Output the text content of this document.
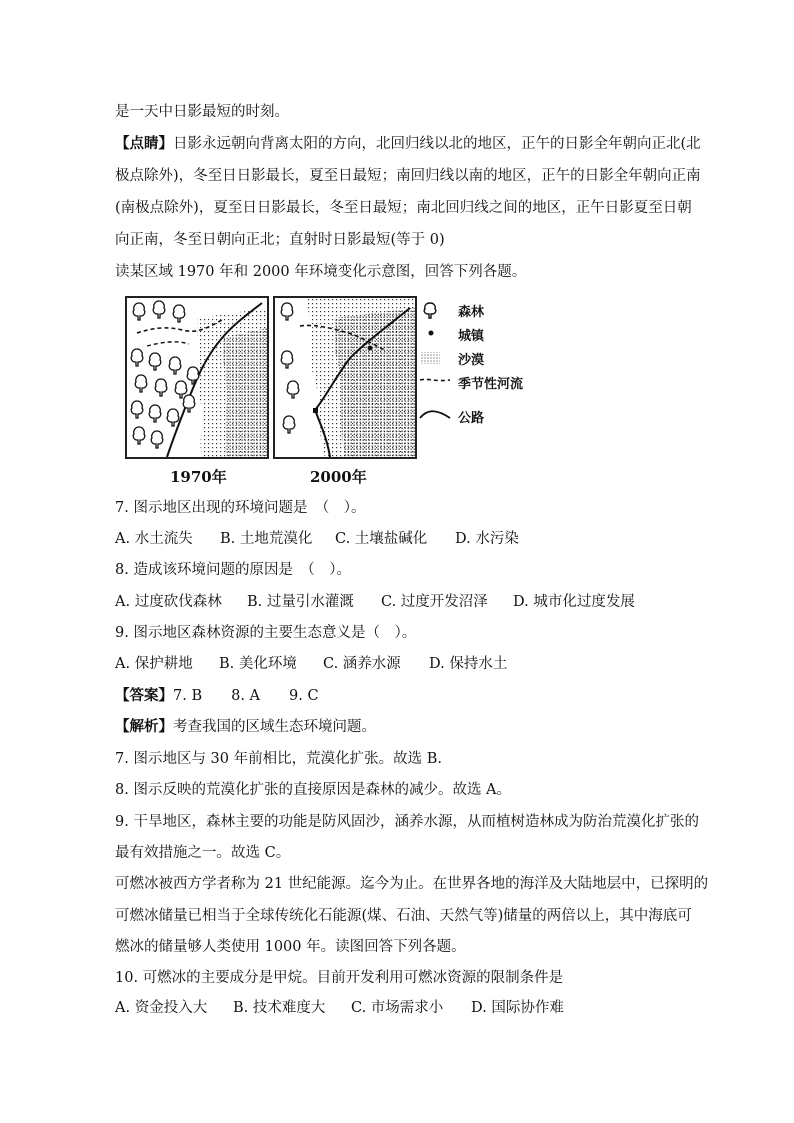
是一天中日影最短的时刻。
【点睛】日影永远朝向背离太阳的方向，北回归线以北的地区，正午的日影全年朝向正北(北
极点除外)，冬至日日影最长，夏至日最短；南回归线以南的地区，正午的日影全年朝向正南
(南极点除外)，夏至日日影最长，冬至日最短；南北回归线之间的地区，正午日影夏至日朝
向正南，冬至日朝向正北；直射时日影最短(等于 0)
读某区域 1970 年和 2000 年环境变化示意图，回答下列各题。
1970年	2000年
森林
城镇
沙漠
季节性河流
公路
7. 图示地区出现的环境问题是　（　）。
A. 水土流失 B. 土地荒漠化 C. 土壤盐碱化 D. 水污染
8. 造成该环境问题的原因是　（　）。
A. 过度砍伐森林 B. 过量引水灌溉 C. 过度开发沼泽 D. 城市化过度发展
9. 图示地区森林资源的主要生态意义是（　）。
A. 保护耕地 B. 美化环境 C. 涵养水源 D. 保持水土
【答案】7. B　　8. A　　9. C
【解析】考查我国的区域生态环境问题。
7. 图示地区与 30 年前相比，荒漠化扩张。故选 B.
8. 图示反映的荒漠化扩张的直接原因是森林的减少。故选 A。
9. 干旱地区，森林主要的功能是防风固沙，涵养水源，从而植树造林成为防治荒漠化扩张的
最有效措施之一。故选 C。
可燃冰被西方学者称为 21 世纪能源。迄今为止。在世界各地的海洋及大陆地层中，已探明的
可燃冰储量已相当于全球传统化石能源(煤、石油、天然气等)储量的两倍以上，其中海底可
燃冰的储量够人类使用 1000 年。读图回答下列各题。
10. 可燃冰的主要成分是甲烷。目前开发利用可燃冰资源的限制条件是
A. 资金投入大 B. 技术难度大 C. 市场需求小 D. 国际协作难
